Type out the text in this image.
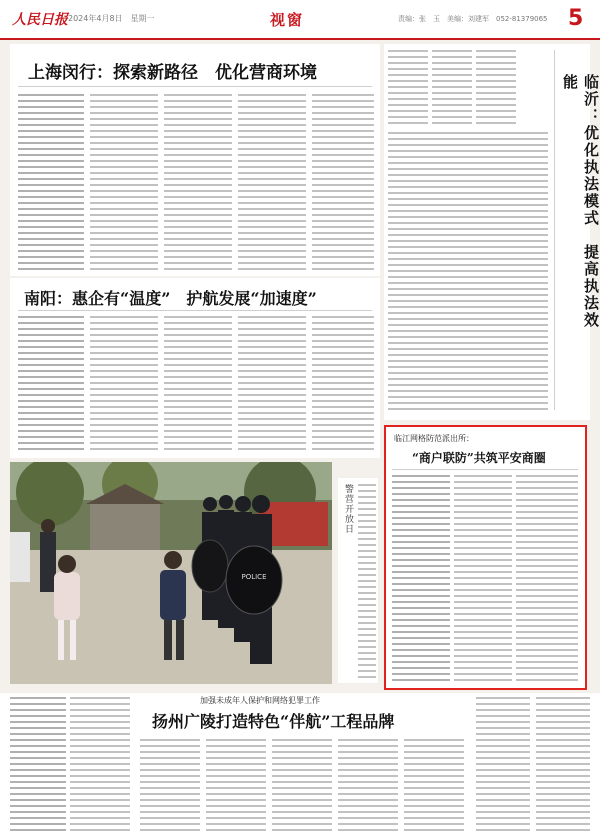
人民日报 2024年4月8日　星期一	视窗	责编：张　玉　美编：刘建军　052-81379065 5
上海闵行：探索新路径　优化营商环境
南阳：惠企有“温度”　护航发展“加速度”	临沂：优化执法模式　提高执法效能
临江网格防范派出所：
“商户联防”共筑平安商圈
POLICE
警营开放日
加强未成年人保护和网络犯罪工作
扬州广陵打造特色“伴航”工程品牌
